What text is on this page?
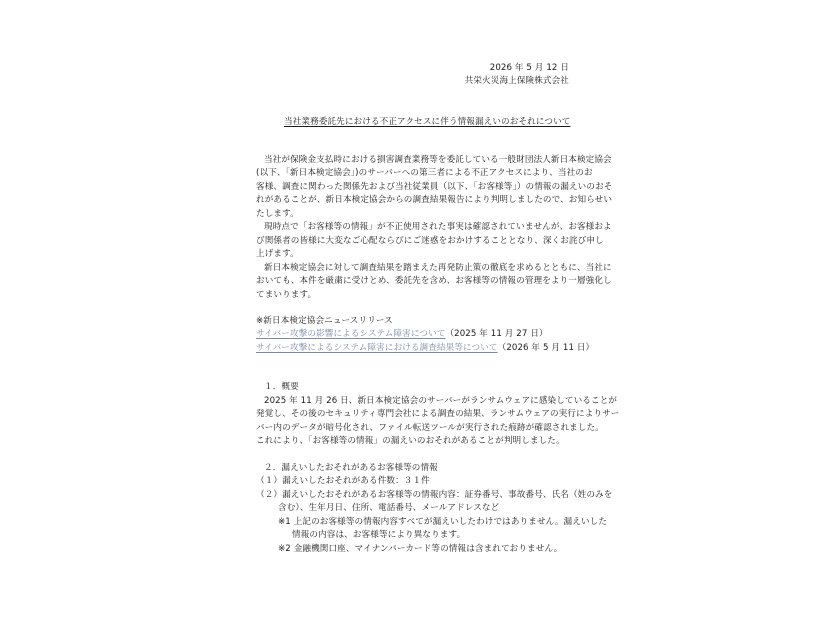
2026 年 5 月 12 日
共栄火災海上保険株式会社
当社業務委託先における不正アクセスに伴う情報漏えいのおそれについて
当社が保険金支払時における損害調査業務等を委託している一般財団法人新日本検定協会
(以下、「新日本検定協会」)のサーバーへの第三者による不正アクセスにより、当社のお
客様、調査に関わった関係先および当社従業員（以下、「お客様等」）の情報の漏えいのおそ
れがあることが、新日本検定協会からの調査結果報告により判明しましたので、お知らせい
たします。
現時点で「お客様等の情報」が不正使用された事実は確認されていませんが、お客様およ
び関係者の皆様に大変なご心配ならびにご迷惑をおかけすることとなり、深くお詫び申し
上げます。
新日本検定協会に対して調査結果を踏まえた再発防止策の徹底を求めるとともに、当社に
おいても、本件を厳粛に受けとめ、委託先を含め、お客様等の情報の管理をより一層強化し
てまいります。
※新日本検定協会ニュースリリース
サイバー攻撃の影響によるシステム障害について（2025 年 11 月 27 日）
サイバー攻撃によるシステム障害における調査結果等について（2026 年 5 月 11 日）
１．概要
2025 年 11 月 26 日、新日本検定協会のサーバーがランサムウェアに感染していることが
発覚し、その後のセキュリティ専門会社による調査の結果、ランサムウェアの実行によりサー
バー内のデータが暗号化され、ファイル転送ツールが実行された痕跡が確認されました。
これにより、「お客様等の情報」の漏えいのおそれがあることが判明しました。
２．漏えいしたおそれがあるお客様等の情報
（１）漏えいしたおそれがある件数：３１件
（２）漏えいしたおそれがあるお客様等の情報内容：証券番号、事故番号、氏名（姓のみを
含む）、生年月日、住所、電話番号、メールアドレスなど
※1 上記のお客様等の情報内容すべてが漏えいしたわけではありません。漏えいした
情報の内容は、お客様等により異なります。
※2 金融機関口座、マイナンバーカード等の情報は含まれておりません。
